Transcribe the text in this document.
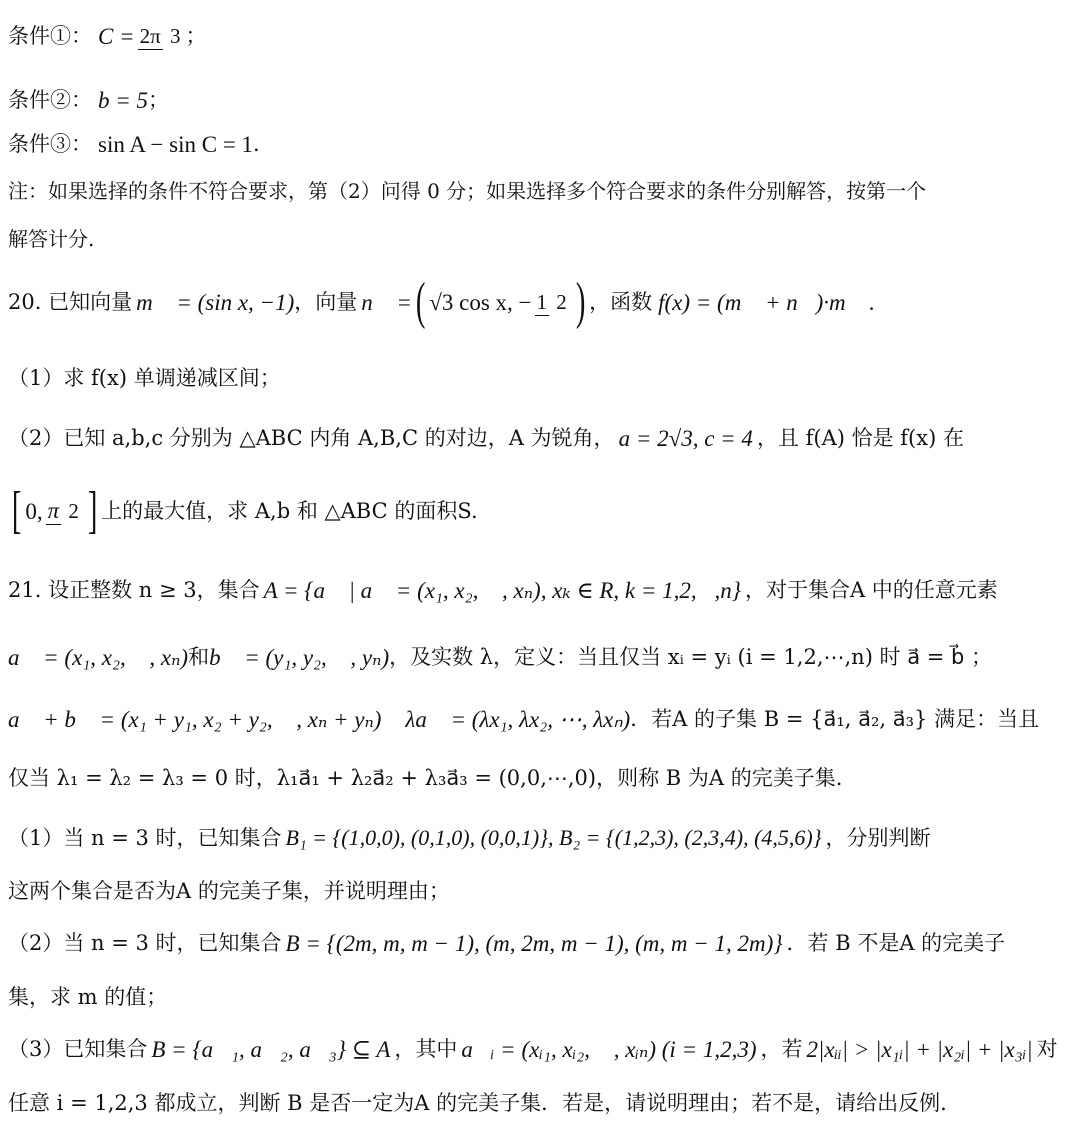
条件①： C = 2π 3 ；
条件②： b = 5 ；
条件③： sin A − sin C = 1 .
注：如果选择的条件不符合要求，第（2）问得 0 分；如果选择多个符合要求的条件分别解答，按第一个
解答计分.
20. 已知向量 m⃗ = (sin x, −1) ，向量 n⃗ = ( √3 cos x, − 1 2 ) ，函数 f(x) = (m⃗ + n⃗)·m⃗ .
（1）求 f(x) 单调递减区间；
（2）已知 a,b,c 分别为 △ABC 内角 A,B,C 的对边，A 为锐角， a = 2√3, c = 4 ，且 f(A) 恰是 f(x) 在
[ 0, π 2 ] 上的最大值，求 A,b 和 △ABC 的面积S.
21. 设正整数 n ≥ 3，集合 A = {a⃗ | a⃗ = (x₁, x₂, ⋯, xₙ), xₖ ∈ R, k = 1,2,⋯,n} ，对于集合A 中的任意元素
a⃗ = (x₁, x₂, ⋯, xₙ) 和 b⃗ = (y₁, y₂, ⋯, yₙ) ，及实数 λ，定义：当且仅当 xᵢ = yᵢ (i = 1,2,⋯,n) 时 a⃗ = b⃗ ；
a⃗ + b⃗ = (x₁ + y₁, x₂ + y₂, ⋯, xₙ + yₙ)； λa⃗ = (λx₁, λx₂, ⋯, λxₙ) ．若A 的子集 B = {a⃗₁, a⃗₂, a⃗₃} 满足：当且
仅当 λ₁ = λ₂ = λ₃ = 0 时，λ₁a⃗₁ + λ₂a⃗₂ + λ₃a⃗₃ = (0,0,⋯,0)，则称 B 为A 的完美子集.
（1）当 n = 3 时，已知集合 B₁ = {(1,0,0), (0,1,0), (0,0,1)}, B₂ = {(1,2,3), (2,3,4), (4,5,6)} ，分别判断
这两个集合是否为A 的完美子集，并说明理由；
（2）当 n = 3 时，已知集合 B = {(2m, m, m − 1), (m, 2m, m − 1), (m, m − 1, 2m)} ．若 B 不是A 的完美子
集，求 m 的值；
（3）已知集合 B = {a⃗₁, a⃗₂, a⃗₃} ⊆ A ，其中 a⃗ᵢ = (xᵢ₁, xᵢ₂, ⋯, xᵢₙ) (i = 1,2,3) ，若 2|xᵢᵢ| > |x₁ᵢ| + |x₂ᵢ| + |x₃ᵢ| 对
任意 i = 1,2,3 都成立，判断 B 是否一定为A 的完美子集．若是，请说明理由；若不是，请给出反例.
